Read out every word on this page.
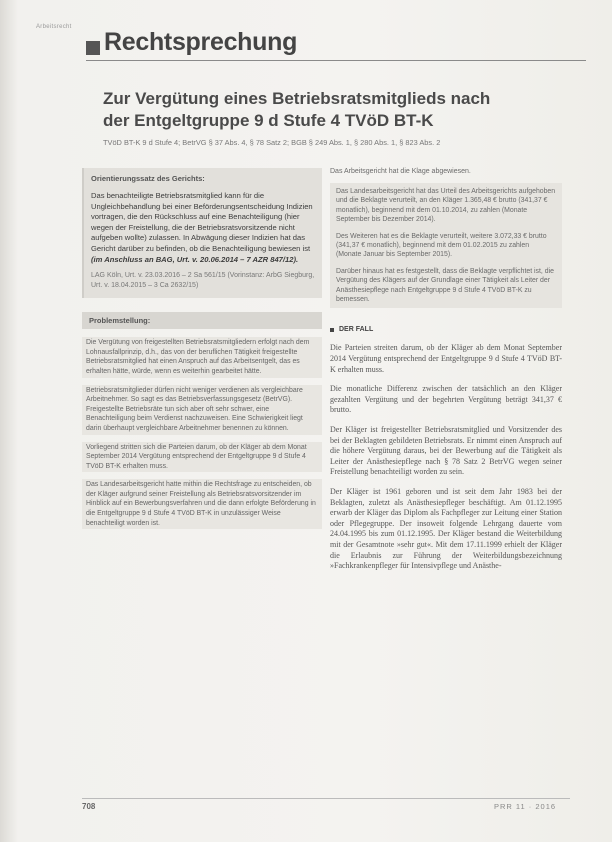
Arbeitsrecht
Rechtsprechung
Zur Vergütung eines Betriebsratsmitglieds nach
der Entgeltgruppe 9 d Stufe 4 TVöD BT-K
TVöD BT-K 9 d Stufe 4; BetrVG § 37 Abs. 4, § 78 Satz 2; BGB § 249 Abs. 1, § 280 Abs. 1, § 823 Abs. 2
Orientierungssatz des Gerichts:
Das benachteiligte Betriebsratsmitglied kann für die Ungleichbehandlung bei einer Beförderungsentscheidung Indizien vortragen, die den Rückschluss auf eine Benachteiligung (hier wegen der Freistellung, die der Betriebsratsvorsitzende nicht aufgeben wollte) zulassen. In Abwägung dieser Indizien hat das Gericht darüber zu befinden, ob die Benachteiligung bewiesen ist (im Anschluss an BAG, Urt. v. 20.06.2014 – 7 AZR 847/12).
LAG Köln, Urt. v. 23.03.2016 – 2 Sa 561/15 (Vorinstanz: ArbG Siegburg, Urt. v. 18.04.2015 – 3 Ca 2632/15)
Problemstellung:

Die Vergütung von freigestellten Betriebsratsmitgliedern erfolgt nach dem Lohnausfallprinzip, d.h., das von der beruflichen Tätigkeit freigestellte Betriebsratsmitglied hat einen Anspruch auf das Arbeitsentgelt, das es erhalten hätte, würde, wenn es weiterhin gearbeitet hätte.

Betriebsratsmitglieder dürfen nicht weniger verdienen als vergleichbare Arbeitnehmer. So sagt es das Betriebsverfassungsgesetz (BetrVG). Freigestellte Betriebsräte tun sich aber oft sehr schwer, eine Benachteiligung beim Verdienst nachzuweisen. Eine Schwierigkeit liegt darin überhaupt vergleichbare Arbeitnehmer benennen zu können.

Vorliegend stritten sich die Parteien darum, ob der Kläger ab dem Monat September 2014 Vergütung entsprechend der Entgeltgruppe 9 d Stufe 4 TVöD BT-K erhalten muss.

Das Landesarbeitsgericht hatte mithin die Rechtsfrage zu entscheiden, ob der Kläger aufgrund seiner Freistellung als Betriebsratsvorsitzender im Hinblick auf ein Bewerbungsverfahren und die dann erfolgte Beförderung in die Entgeltgruppe 9 d Stufe 4 TVöD BT-K in unzulässiger Weise benachteiligt worden ist.

Das Arbeitsgericht hat die Klage abgewiesen.

Das Landesarbeitsgericht hat das Urteil des Arbeitsgerichts aufgehoben und die Beklagte verurteilt, an den Kläger 1.365,48 € brutto (341,37 € monatlich), beginnend mit dem 01.10.2014, zu zahlen (Monate September bis Dezember 2014).

Des Weiteren hat es die Beklagte verurteilt, weitere 3.072,33 € brutto (341,37 € monatlich), beginnend mit dem 01.02.2015 zu zahlen (Monate Januar bis September 2015).

Darüber hinaus hat es festgestellt, dass die Beklagte verpflichtet ist, die Vergütung des Klägers auf der Grundlage einer Tätigkeit als Leiter der Anästhesiepflege nach Entgeltgruppe 9 d Stufe 4 TVöD BT-K zu bemessen.

DER FALL

Die Parteien streiten darum, ob der Kläger ab dem Monat September 2014 Vergütung entsprechend der Entgeltgruppe 9 d Stufe 4 TVöD BT-K erhalten muss.

Die monatliche Differenz zwischen der tatsächlich an den Kläger gezahlten Vergütung und der begehrten Vergütung beträgt 341,37 € brutto.

Der Kläger ist freigestellter Betriebsratsmitglied und Vorsitzender des bei der Beklagten gebildeten Betriebsrats. Er nimmt einen Anspruch auf die höhere Vergütung daraus, bei der Bewerbung auf die Tätigkeit als Leiter der Anästhesiepflege nach § 78 Satz 2 BetrVG wegen seiner Freistellung benachteiligt worden zu sein.

Der Kläger ist 1961 geboren und ist seit dem Jahr 1983 bei der Beklagten, zuletzt als Anästhesiepfleger beschäftigt. Am 01.12.1995 erwarb der Kläger das Diplom als Fachpfleger zur Leitung einer Station oder Pflegegruppe. Der insoweit folgende Lehrgang dauerte vom 24.04.1995 bis zum 01.12.1995. Der Kläger bestand die Weiterbildung mit der Gesamtnote »sehr gut«. Mit dem 17.11.1999 erhielt der Kläger die Erlaubnis zur Führung der Weiterbildungsbezeichnung »Fachkrankenpfleger für Intensivpflege und Anästhe-

708	PRR 11 · 2016
